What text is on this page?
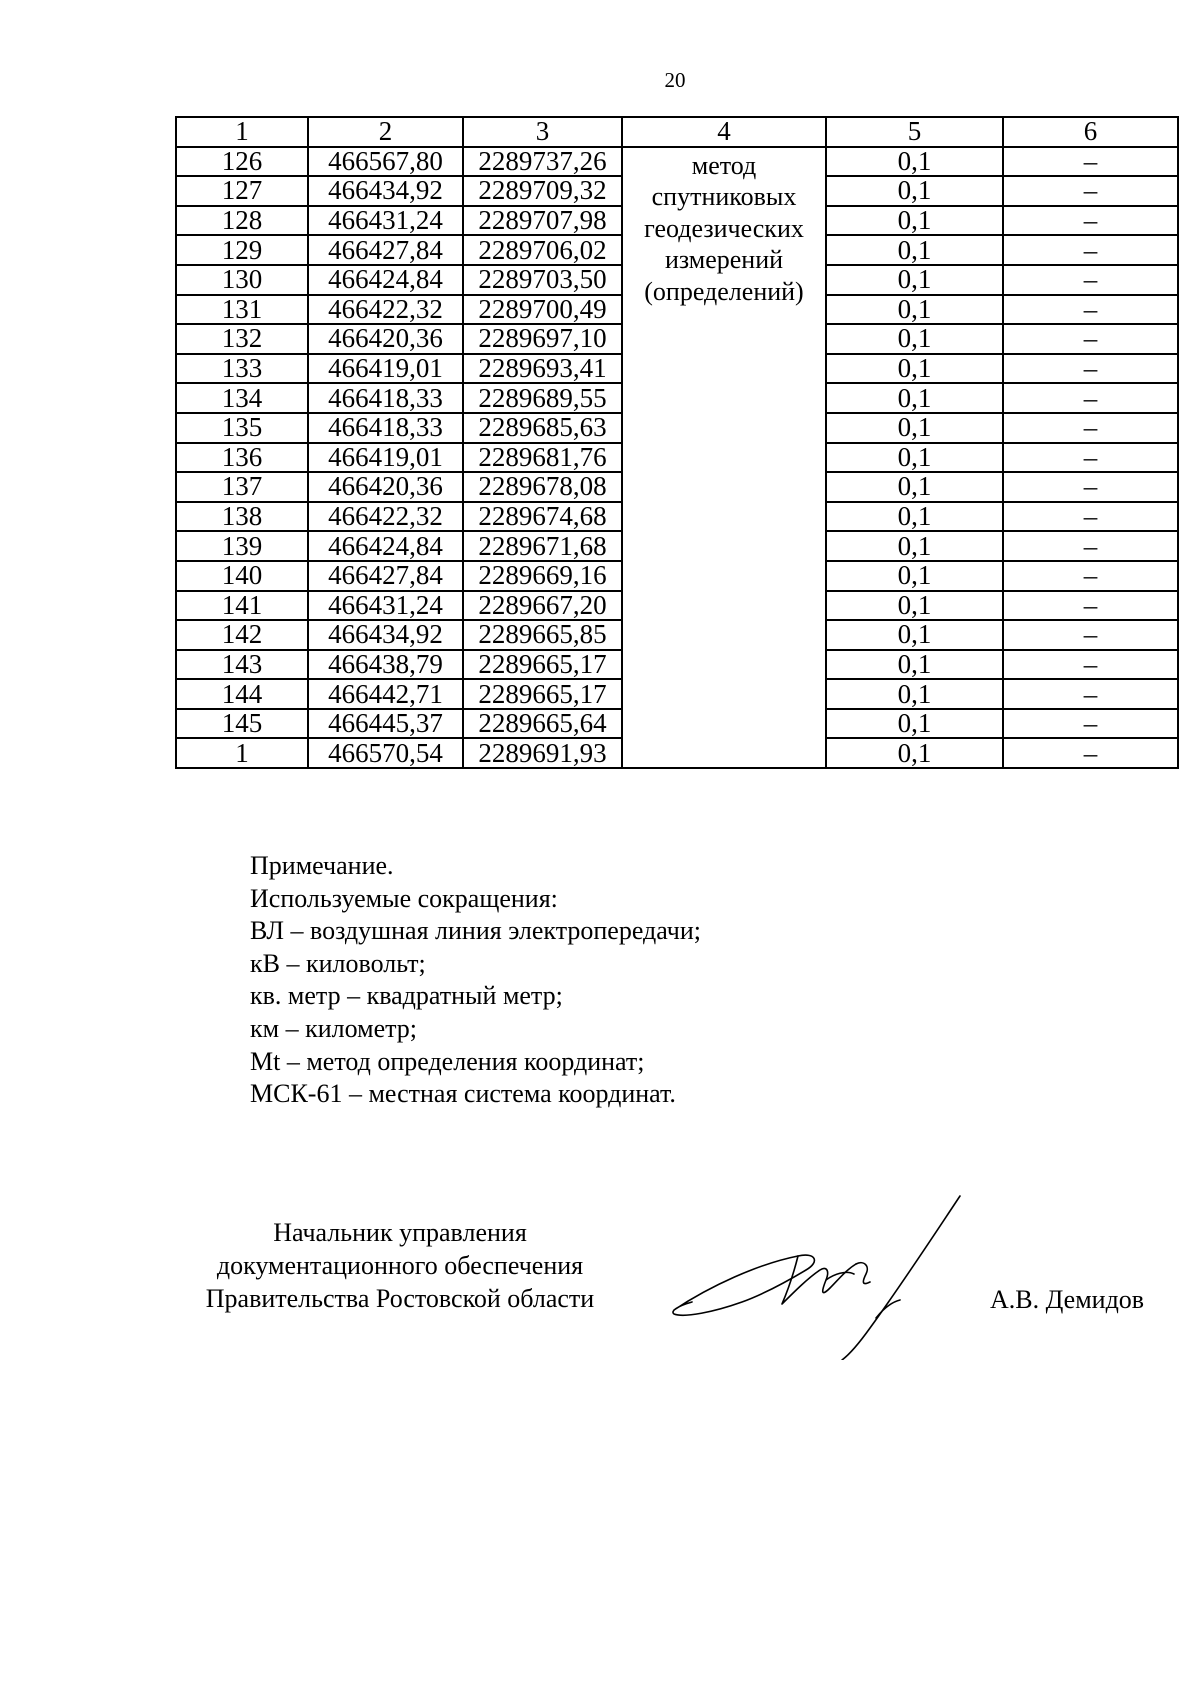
20
1	2	3	4	5	6
126	466567,80	2289737,26	метод
спутниковых
геодезических
измерений
(определений)	0,1	–
127	466434,92	2289709,32		0,1	–
128	466431,24	2289707,98		0,1	–
129	466427,84	2289706,02		0,1	–
130	466424,84	2289703,50		0,1	–
131	466422,32	2289700,49		0,1	–
132	466420,36	2289697,10		0,1	–
133	466419,01	2289693,41		0,1	–
134	466418,33	2289689,55		0,1	–
135	466418,33	2289685,63		0,1	–
136	466419,01	2289681,76		0,1	–
137	466420,36	2289678,08		0,1	–
138	466422,32	2289674,68		0,1	–
139	466424,84	2289671,68		0,1	–
140	466427,84	2289669,16		0,1	–
141	466431,24	2289667,20		0,1	–
142	466434,92	2289665,85		0,1	–
143	466438,79	2289665,17		0,1	–
144	466442,71	2289665,17		0,1	–
145	466445,37	2289665,64		0,1	–
1	466570,54	2289691,93		0,1	–
Примечание.
Используемые сокращения:
ВЛ – воздушная линия электропередачи;
кВ – киловольт;
кв. метр – квадратный метр;
км – километр;
Mt – метод определения координат;
МСК-61 – местная система координат.
Начальник управления
документационного обеспечения
Правительства Ростовской области	А.В. Демидов
